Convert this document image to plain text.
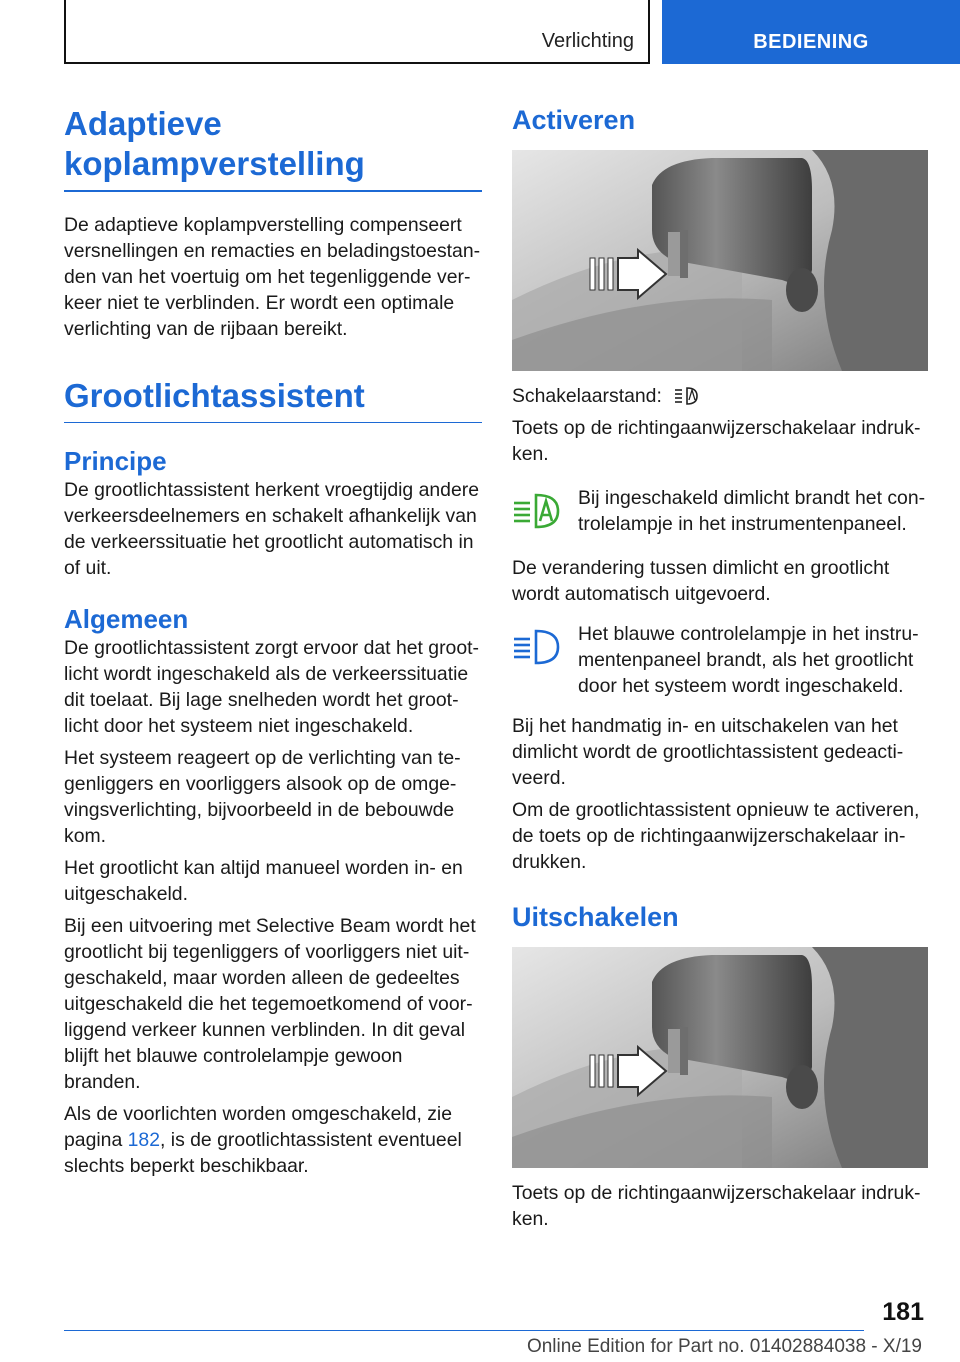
Verlichting	BEDIENING
Adaptieve koplampverstelling

De adaptieve koplampverstelling compenseert versnellingen en remacties en beladingstoestanden van het voertuig om het tegenliggende verkeer niet te verblinden. Er wordt een optimale verlichting van de rijbaan bereikt.

Grootlichtassistent
Principe

De grootlichtassistent herkent vroegtijdig andere verkeersdeelnemers en schakelt afhankelijk van de verkeerssituatie het grootlicht automatisch in of uit.

Algemeen

De grootlichtassistent zorgt ervoor dat het grootlicht wordt ingeschakeld als de verkeerssituatie dit toelaat. Bij lage snelheden wordt het grootlicht door het systeem niet ingeschakeld.

Het systeem reageert op de verlichting van tegenliggers en voorliggers alsook op de omgevingsverlichting, bijvoorbeeld in de bebouwde kom.

Het grootlicht kan altijd manueel worden in- en uitgeschakeld.

Bij een uitvoering met Selective Beam wordt het grootlicht bij tegenliggers of voorliggers niet uitgeschakeld, maar worden alleen de gedeeltes uitgeschakeld die het tegemoetkomend of voorliggend verkeer kunnen verblinden. In dit geval blijft het blauwe controlelampje gewoon branden.

Als de voorlichten worden omgeschakeld, zie pagina 182, is de grootlichtassistent eventueel slechts beperkt beschikbaar.

Activeren

Schakelaarstand:

Toets op de richtingaanwijzerschakelaar indrukken.

Bij ingeschakeld dimlicht brandt het controlelampje in het instrumentenpaneel.

De verandering tussen dimlicht en grootlicht wordt automatisch uitgevoerd.

Het blauwe controlelampje in het instrumentenpaneel brandt, als het grootlicht door het systeem wordt ingeschakeld.

Bij het handmatig in- en uitschakelen van het dimlicht wordt de grootlichtassistent gedeactiveerd.

Om de grootlichtassistent opnieuw te activeren, de toets op de richtingaanwijzerschakelaar indrukken.

Uitschakelen

Toets op de richtingaanwijzerschakelaar indrukken.

181
Online Edition for Part no. 01402884038 - X/19
